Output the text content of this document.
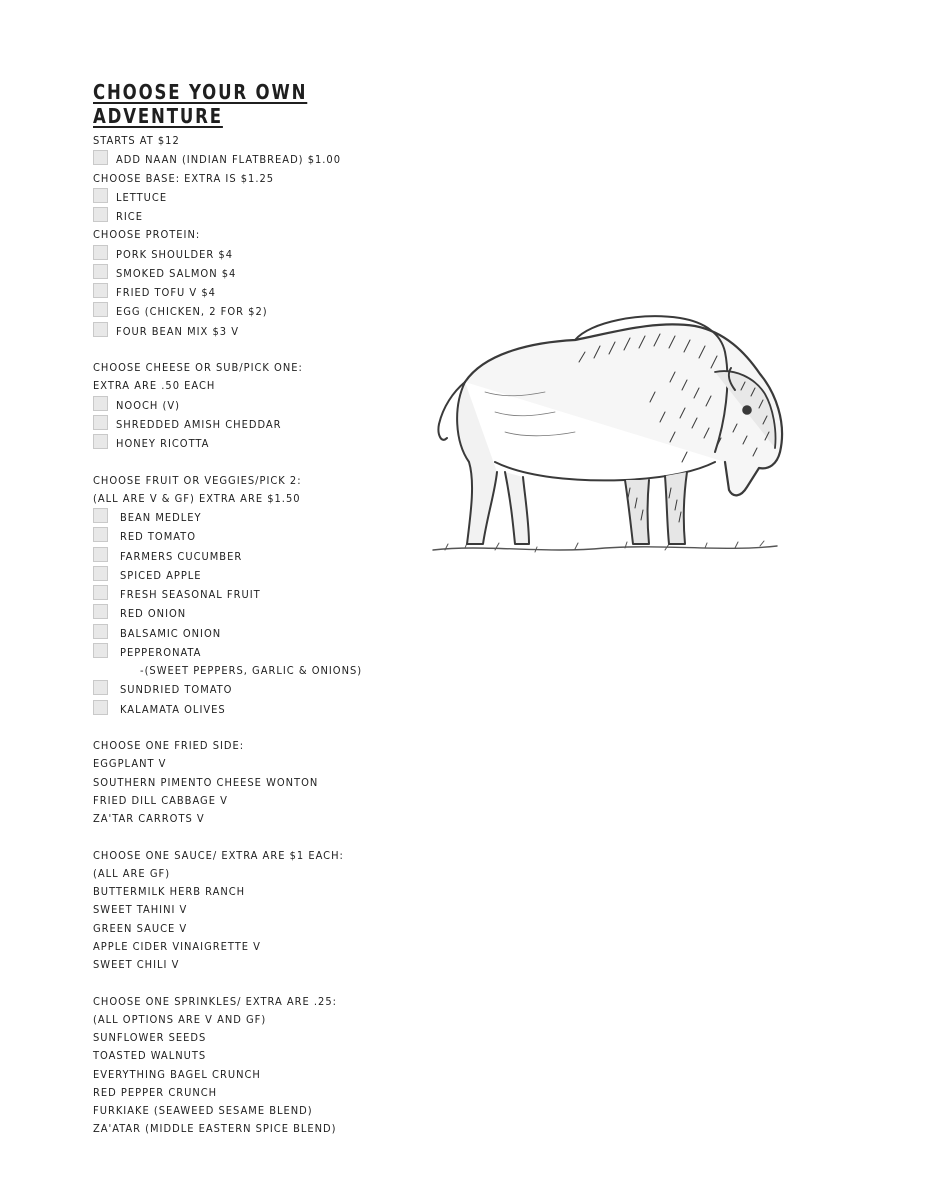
CHOOSE YOUR OWN ADVENTURE
STARTS AT $12
ADD NAAN (INDIAN FLATBREAD) $1.00
CHOOSE BASE: EXTRA IS $1.25
LETTUCE
RICE
CHOOSE PROTEIN:
PORK SHOULDER $4
SMOKED SALMON $4
FRIED TOFU V $4
EGG (CHICKEN, 2 FOR $2)
FOUR BEAN MIX $3 V
CHOOSE CHEESE OR SUB/PICK ONE:
EXTRA ARE .50 EACH
NOOCH (V)
SHREDDED AMISH CHEDDAR
HONEY RICOTTA
CHOOSE FRUIT OR VEGGIES/PICK 2:
(ALL ARE V & GF) EXTRA ARE $1.50
BEAN MEDLEY
RED TOMATO
FARMERS CUCUMBER
SPICED APPLE
FRESH SEASONAL FRUIT
RED ONION
BALSAMIC ONION
PEPPERONATA
-(SWEET PEPPERS, GARLIC & ONIONS)
SUNDRIED TOMATO
KALAMATA OLIVES
CHOOSE ONE FRIED SIDE:
EGGPLANT V
SOUTHERN PIMENTO CHEESE WONTON
FRIED DILL CABBAGE V
ZA'TAR CARROTS V
CHOOSE ONE SAUCE/ EXTRA ARE $1 EACH:
(ALL ARE GF)
BUTTERMILK HERB RANCH
SWEET TAHINI V
GREEN SAUCE V
APPLE CIDER VINAIGRETTE V
SWEET CHILI V
CHOOSE ONE SPRINKLES/ EXTRA ARE .25:
(ALL OPTIONS ARE V AND GF)
SUNFLOWER SEEDS
TOASTED WALNUTS
EVERYTHING BAGEL CRUNCH
RED PEPPER CRUNCH
FURKIAKE (SEAWEED SESAME BLEND)
ZA'ATAR (MIDDLE EASTERN SPICE BLEND)
